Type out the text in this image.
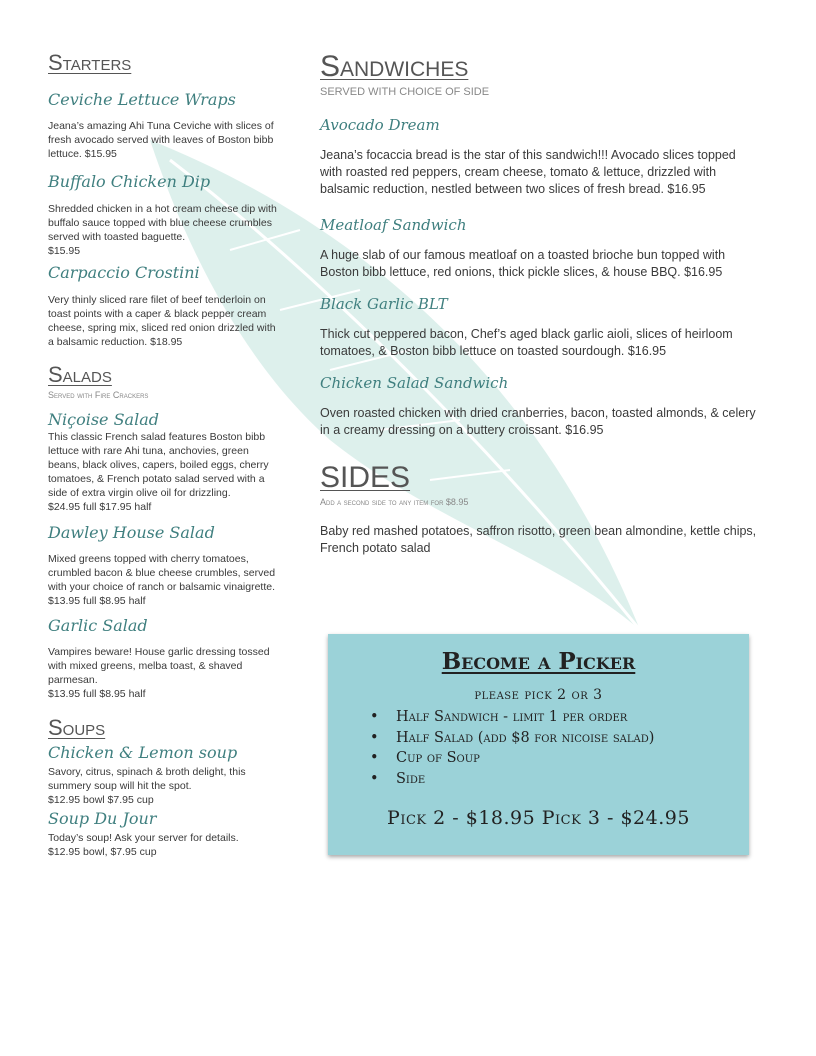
Starters

Ceviche Lettuce Wraps

Jeana’s amazing Ahi Tuna Ceviche with slices of fresh avocado served with leaves of Boston bibb lettuce. $15.95

Buffalo Chicken Dip

Shredded chicken in a hot cream cheese dip with buffalo sauce topped with blue cheese crumbles served with toasted baguette.

$15.95

Carpaccio Crostini

Very thinly sliced rare filet of beef tenderloin on toast points with a caper & black pepper cream cheese, spring mix, sliced red onion drizzled with a balsamic reduction. $18.95

Salads

Served with Fire Crackers

Niçoise Salad

This classic French salad features Boston bibb lettuce with rare Ahi tuna, anchovies, green beans, black olives, capers, boiled eggs, cherry tomatoes, & French potato salad served with a side of extra virgin olive oil for drizzling.

$24.95 full $17.95 half

Dawley House Salad

Mixed greens topped with cherry tomatoes, crumbled bacon & blue cheese crumbles, served with your choice of ranch or balsamic vinaigrette.

$13.95 full $8.95 half

Garlic Salad

Vampires beware! House garlic dressing tossed with mixed greens, melba toast, & shaved parmesan.

$13.95 full $8.95 half

Soups

Chicken & Lemon soup

Savory, citrus, spinach & broth delight, this summery soup will hit the spot.

$12.95 bowl $7.95 cup

Soup Du Jour

Today’s soup! Ask your server for details.

$12.95 bowl, $7.95 cup

Sandwiches

SERVED WITH CHOICE OF SIDE

Avocado Dream

Jeana’s focaccia bread is the star of this sandwich!!! Avocado slices topped with roasted red peppers, cream cheese, tomato & lettuce, drizzled with balsamic reduction, nestled between two slices of fresh bread. $16.95

Meatloaf Sandwich

A huge slab of our famous meatloaf on a toasted brioche bun topped with Boston bibb lettuce, red onions, thick pickle slices, & house BBQ. $16.95

Black Garlic BLT

Thick cut peppered bacon, Chef’s aged black garlic aioli, slices of heirloom tomatoes, & Boston bibb lettuce on toasted sourdough. $16.95

Chicken Salad Sandwich

Oven roasted chicken with dried cranberries, bacon, toasted almonds, & celery in a creamy dressing on a buttery croissant. $16.95

SIDES

Add a second side to any item for $8.95

Baby red mashed potatoes, saffron risotto, green bean almondine, kettle chips, French potato salad

Become a Picker

please pick 2 or 3

•	Half Sandwich - limit 1 per order
•	Half Salad (add $8 for nicoise salad)
•	Cup of Soup
•	Side

Pick 2 - $18.95 Pick 3 - $24.95
